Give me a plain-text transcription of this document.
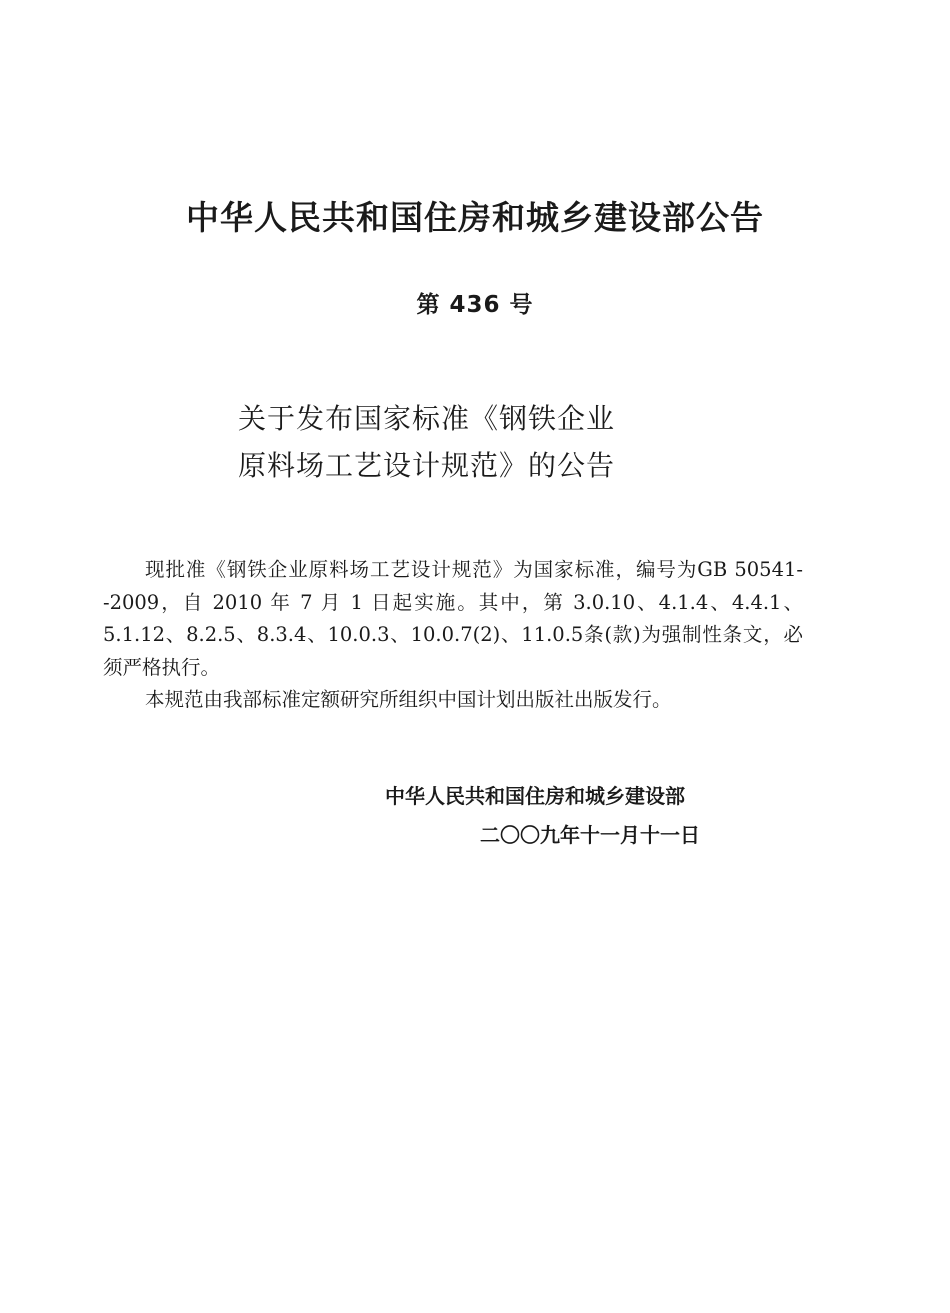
中华人民共和国住房和城乡建设部公告
第 436 号
关于发布国家标准《钢铁企业
原料场工艺设计规范》的公告

现批准《钢铁企业原料场工艺设计规范》为国家标准，编号为GB 50541--2009，自 2010 年 7 月 1 日起实施。其中，第 3.0.10、4.1.4、4.4.1、5.1.12、8.2.5、8.3.4、10.0.3、10.0.7(2)、11.0.5条(款)为强制性条文，必须严格执行。

本规范由我部标准定额研究所组织中国计划出版社出版发行。

中华人民共和国住房和城乡建设部
二〇〇九年十一月十一日
